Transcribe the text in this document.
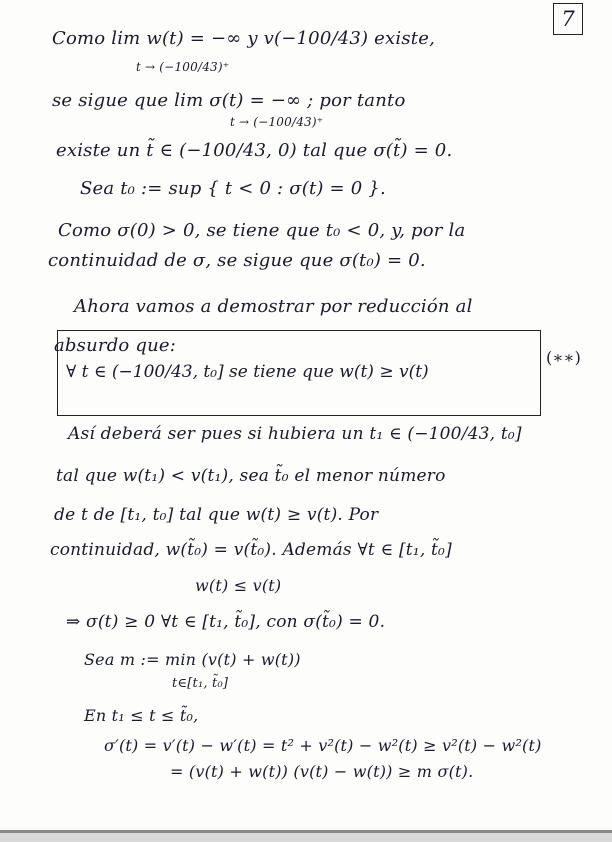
7
Como lim w(t) = −∞ y v(−100/43) existe,
t → (−100/43)⁺
se sigue que lim σ(t) = −∞ ; por tanto
t → (−100/43)⁺
existe un t̃ ∈ (−100/43, 0) tal que σ(t̃) = 0.
Sea t₀ := sup { t < 0 : σ(t) = 0 }.
Como σ(0) > 0, se tiene que t₀ < 0, y, por la
continuidad de σ, se sigue que σ(t₀) = 0.
Ahora vamos a demostrar por reducción al
absurdo que:
∀ t ∈ (−100/43, t₀] se tiene que w(t) ≥ v(t)
(∗∗)
Así deberá ser pues si hubiera un t₁ ∈ (−100/43, t₀]
tal que w(t₁) < v(t₁), sea t̃₀ el menor número
de t de [t₁, t₀] tal que w(t) ≥ v(t). Por
continuidad, w(t̃₀) = v(t̃₀). Además ∀t ∈ [t₁, t̃₀]
w(t) ≤ v(t)
⇒ σ(t) ≥ 0 ∀t ∈ [t₁, t̃₀], con σ(t̃₀) = 0.
Sea m := min (v(t) + w(t))
t∈[t₁, t̃₀]
En t₁ ≤ t ≤ t̃₀,
σ′(t) = v′(t) − w′(t) = t² + v²(t) − w²(t) ≥ v²(t) − w²(t)
= (v(t) + w(t)) (v(t) − w(t)) ≥ m σ(t).
